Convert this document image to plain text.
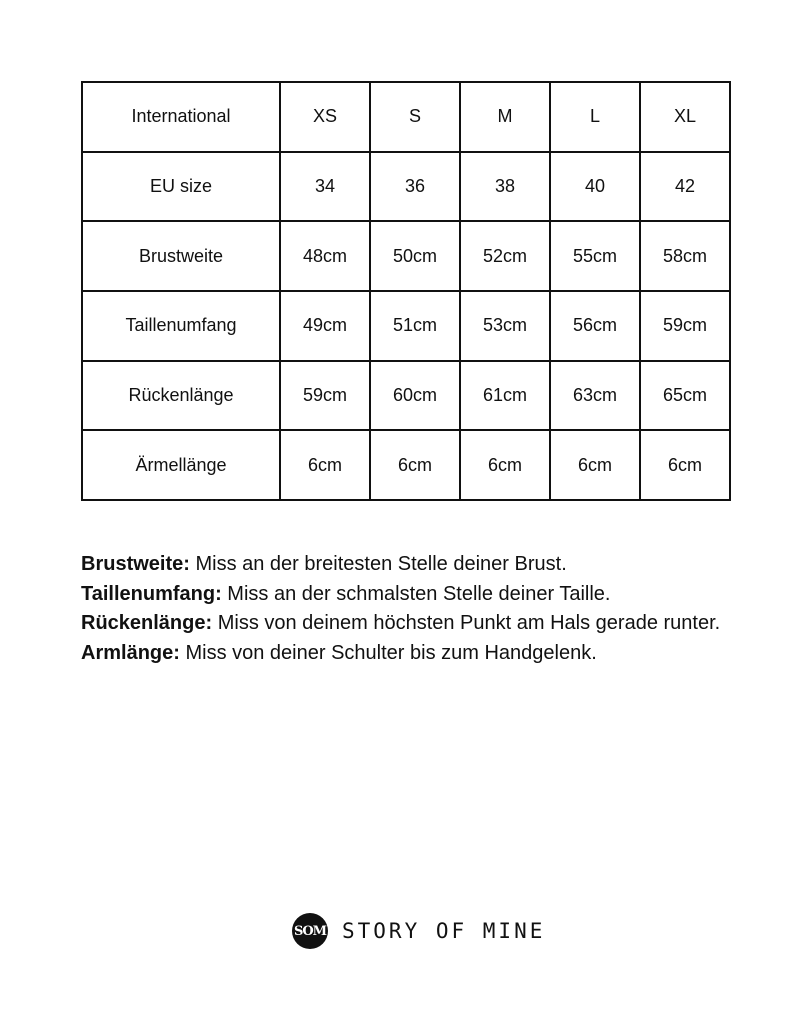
International	XS	S	M	L	XL
EU size	34	36	38	40	42
Brustweite	48cm	50cm	52cm	55cm	58cm
Taillenumfang	49cm	51cm	53cm	56cm	59cm
Rückenlänge	59cm	60cm	61cm	63cm	65cm
Ärmellänge	6cm	6cm	6cm	6cm	6cm

Brustweite: Miss an der breitesten Stelle deiner Brust.

Taillenumfang: Miss an der schmalsten Stelle deiner Taille.

Rückenlänge: Miss von deinem höchsten Punkt am Hals gerade runter.

Armlänge: Miss von deiner Schulter bis zum Handgelenk.

SOM STORY OF MINE
